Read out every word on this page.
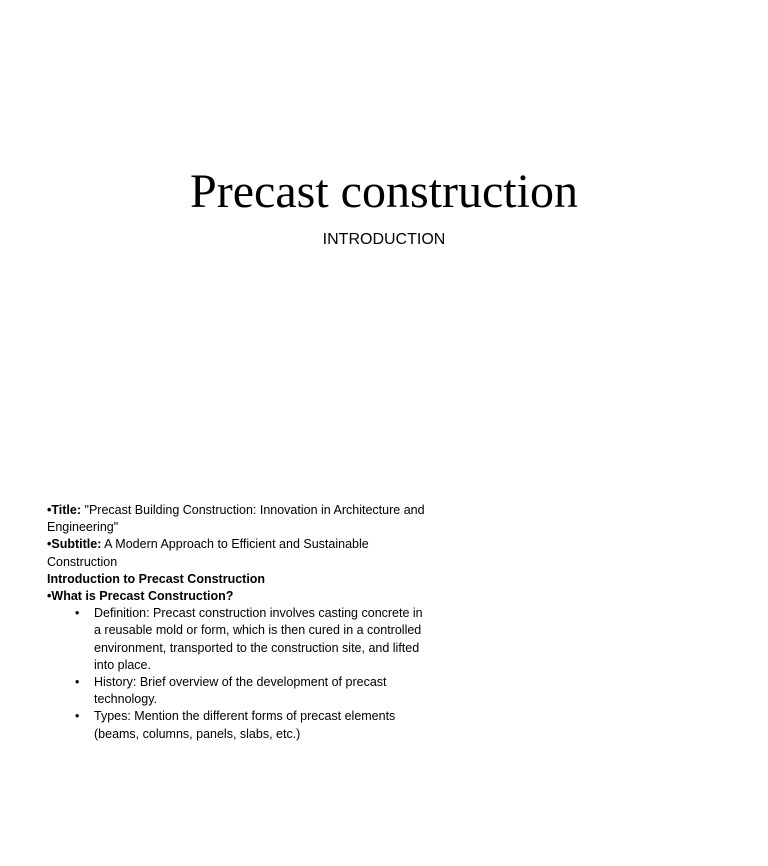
Precast construction
INTRODUCTION

•Title: "Precast Building Construction: Innovation in Architecture and Engineering"

•Subtitle: A Modern Approach to Efficient and Sustainable Construction

Introduction to Precast Construction

•What is Precast Construction?

• Definition: Precast construction involves casting concrete in a reusable mold or form, which is then cured in a controlled environment, transported to the construction site, and lifted into place.
• History: Brief overview of the development of precast technology.
• Types: Mention the different forms of precast elements (beams, columns, panels, slabs, etc.)
